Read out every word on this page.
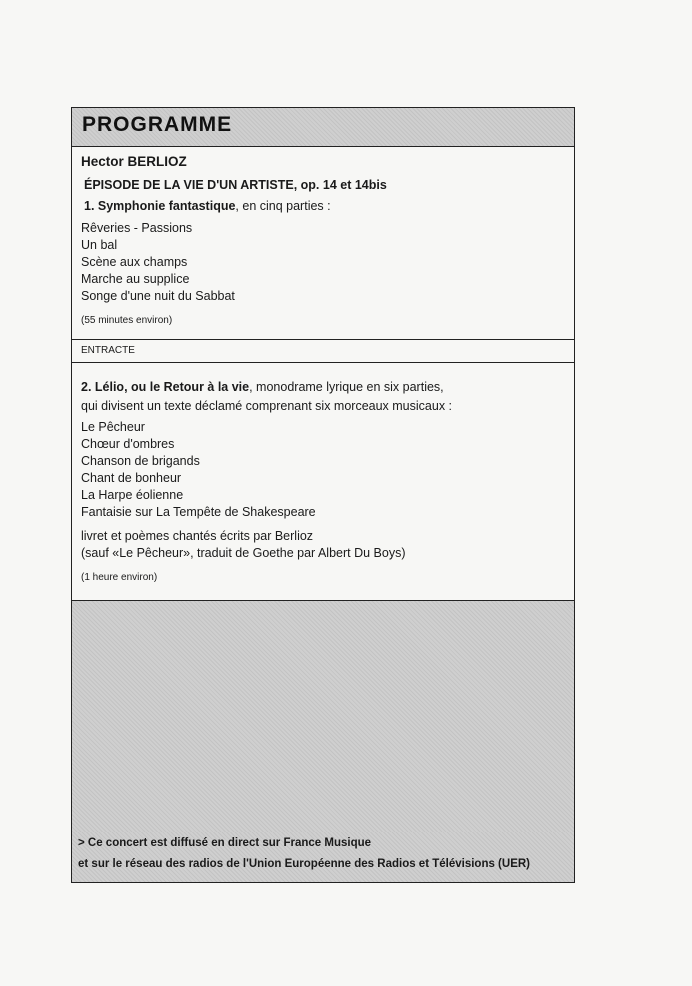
PROGRAMME
Hector BERLIOZ
ÉPISODE DE LA VIE D'UN ARTISTE, op. 14 et 14bis
1. Symphonie fantastique, en cinq parties :
Rêveries - Passions
Un bal
Scène aux champs
Marche au supplice
Songe d'une nuit du Sabbat
(55 minutes environ)
ENTRACTE
2. Lélio, ou le Retour à la vie, monodrame lyrique en six parties,
qui divisent un texte déclamé comprenant six morceaux musicaux :
Le Pêcheur
Chœur d'ombres
Chanson de brigands
Chant de bonheur
La Harpe éolienne
Fantaisie sur La Tempête de Shakespeare
livret et poèmes chantés écrits par Berlioz
(sauf «Le Pêcheur», traduit de Goethe par Albert Du Boys)
(1 heure environ)
> Ce concert est diffusé en direct sur France Musique
et sur le réseau des radios de l'Union Européenne des Radios et Télévisions (UER)
